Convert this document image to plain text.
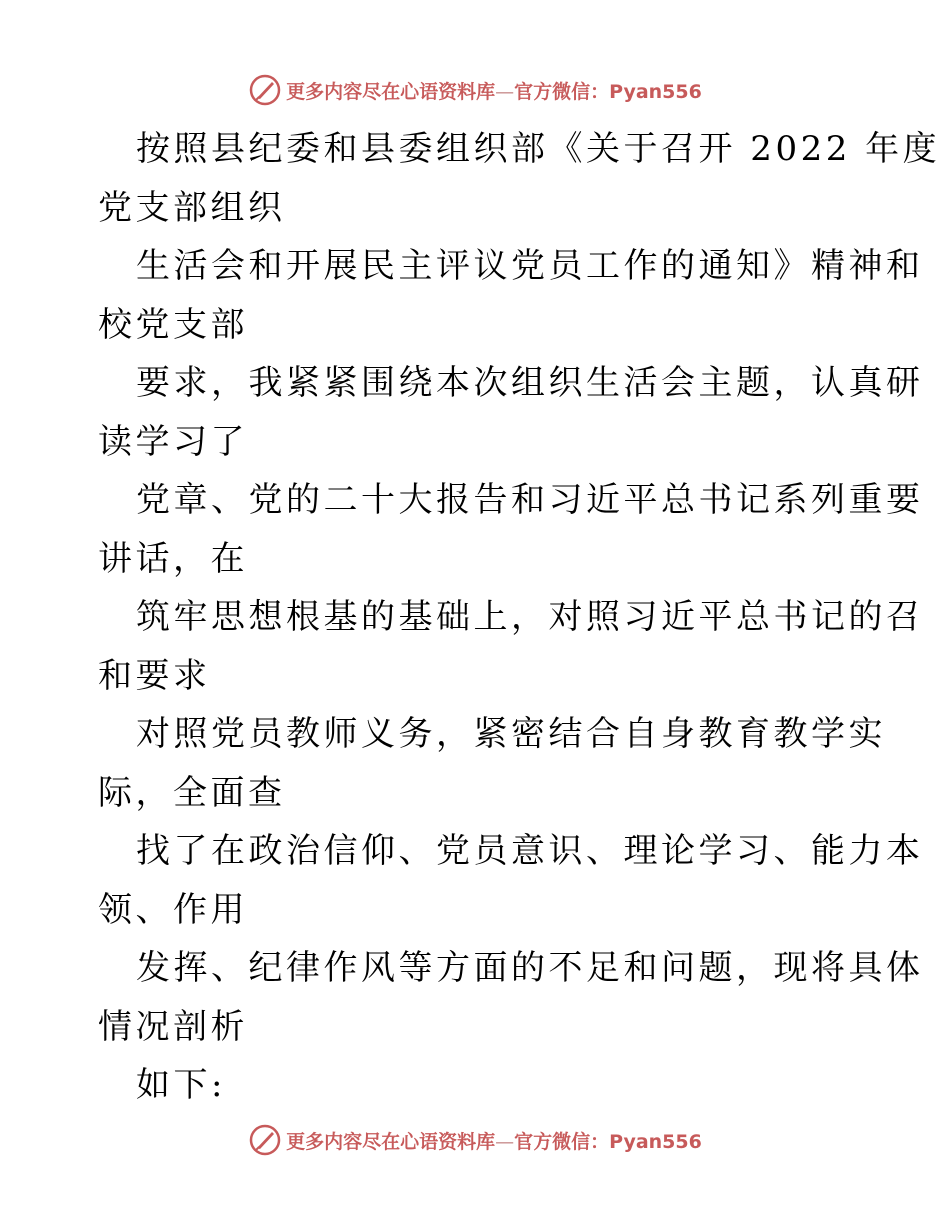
更多内容尽在心语资料库—官方微信：Pyan556
按照县纪委和县委组织部《关于召开 2022 年度
党支部组织
生活会和开展民主评议党员工作的通知》精神和
校党支部
要求，我紧紧围绕本次组织生活会主题，认真研
读学习了
党章、党的二十大报告和习近平总书记系列重要
讲话，在
筑牢思想根基的基础上，对照习近平总书记的召
和要求
对照党员教师义务，紧密结合自身教育教学实
际，全面查
找了在政治信仰、党员意识、理论学习、能力本
领、作用
发挥、纪律作风等方面的不足和问题，现将具体
情况剖析
如下:
更多内容尽在心语资料库—官方微信：Pyan556
